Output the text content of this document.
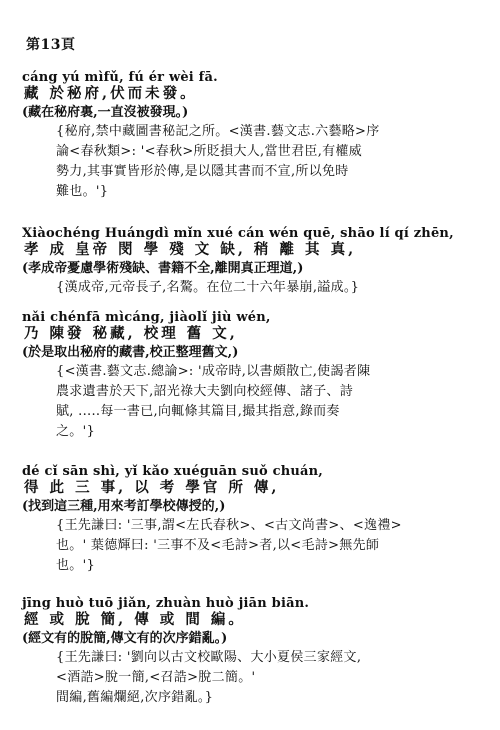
第13頁
cáng yú mìfǔ, fú ér wèi fā.
藏 於秘府,伏而未發。
(藏在秘府裏,一直沒被發現。)
{秘府,禁中藏圖書秘記之所。<漢書.藝文志.六藝略>序
論<春秋類>: '<春秋>所貶損大人,當世君臣,有權威
勢力,其事實皆形於傳,是以隱其書而不宣,所以免時
難也。'}
Xiàochéng Huángdì mǐn xué cán wén quē, shāo lí qí zhēn,
孝 成 皇帝 閔 學 殘 文 缺, 稍 離 其 真,
(孝成帝憂慮學術殘缺、書籍不全,離開真正理道,)
{漢成帝,元帝長子,名驁。在位二十六年暴崩,謚成。}
nǎi chénfā mìcáng, jiàolǐ jiù wén,
乃 陳發 秘藏, 校理 舊 文,
(於是取出秘府的藏書,校正整理舊文,)
{<漢書.藝文志.總論>: '成帝時,以書頗散亡,使謁者陳
農求遺書於天下,詔光祿大夫劉向校經傳、諸子、詩
賦, .....每一書已,向輒條其篇目,撮其指意,錄而奏
之。'}
dé cǐ sān shì, yǐ kǎo xuéguān suǒ chuán,
得 此 三 事, 以 考 學官 所 傳,
(找到這三種,用來考訂學校傳授的,)
{王先謙曰: '三事,謂<左氏春秋>、<古文尚書>、<逸禮>
也。' 葉德輝曰: '三事不及<毛詩>者,以<毛詩>無先師
也。'}
jīng huò tuō jiǎn, zhuàn huò jiān biān.
經 或 脫 簡, 傳 或 間 編。
(經文有的脫簡,傳文有的次序錯亂。)
{王先謙曰: '劉向以古文校歐陽、大小夏侯三家經文,
<酒誥>脫一簡,<召誥>脫二簡。'
間編,舊編爛絕,次序錯亂。}
